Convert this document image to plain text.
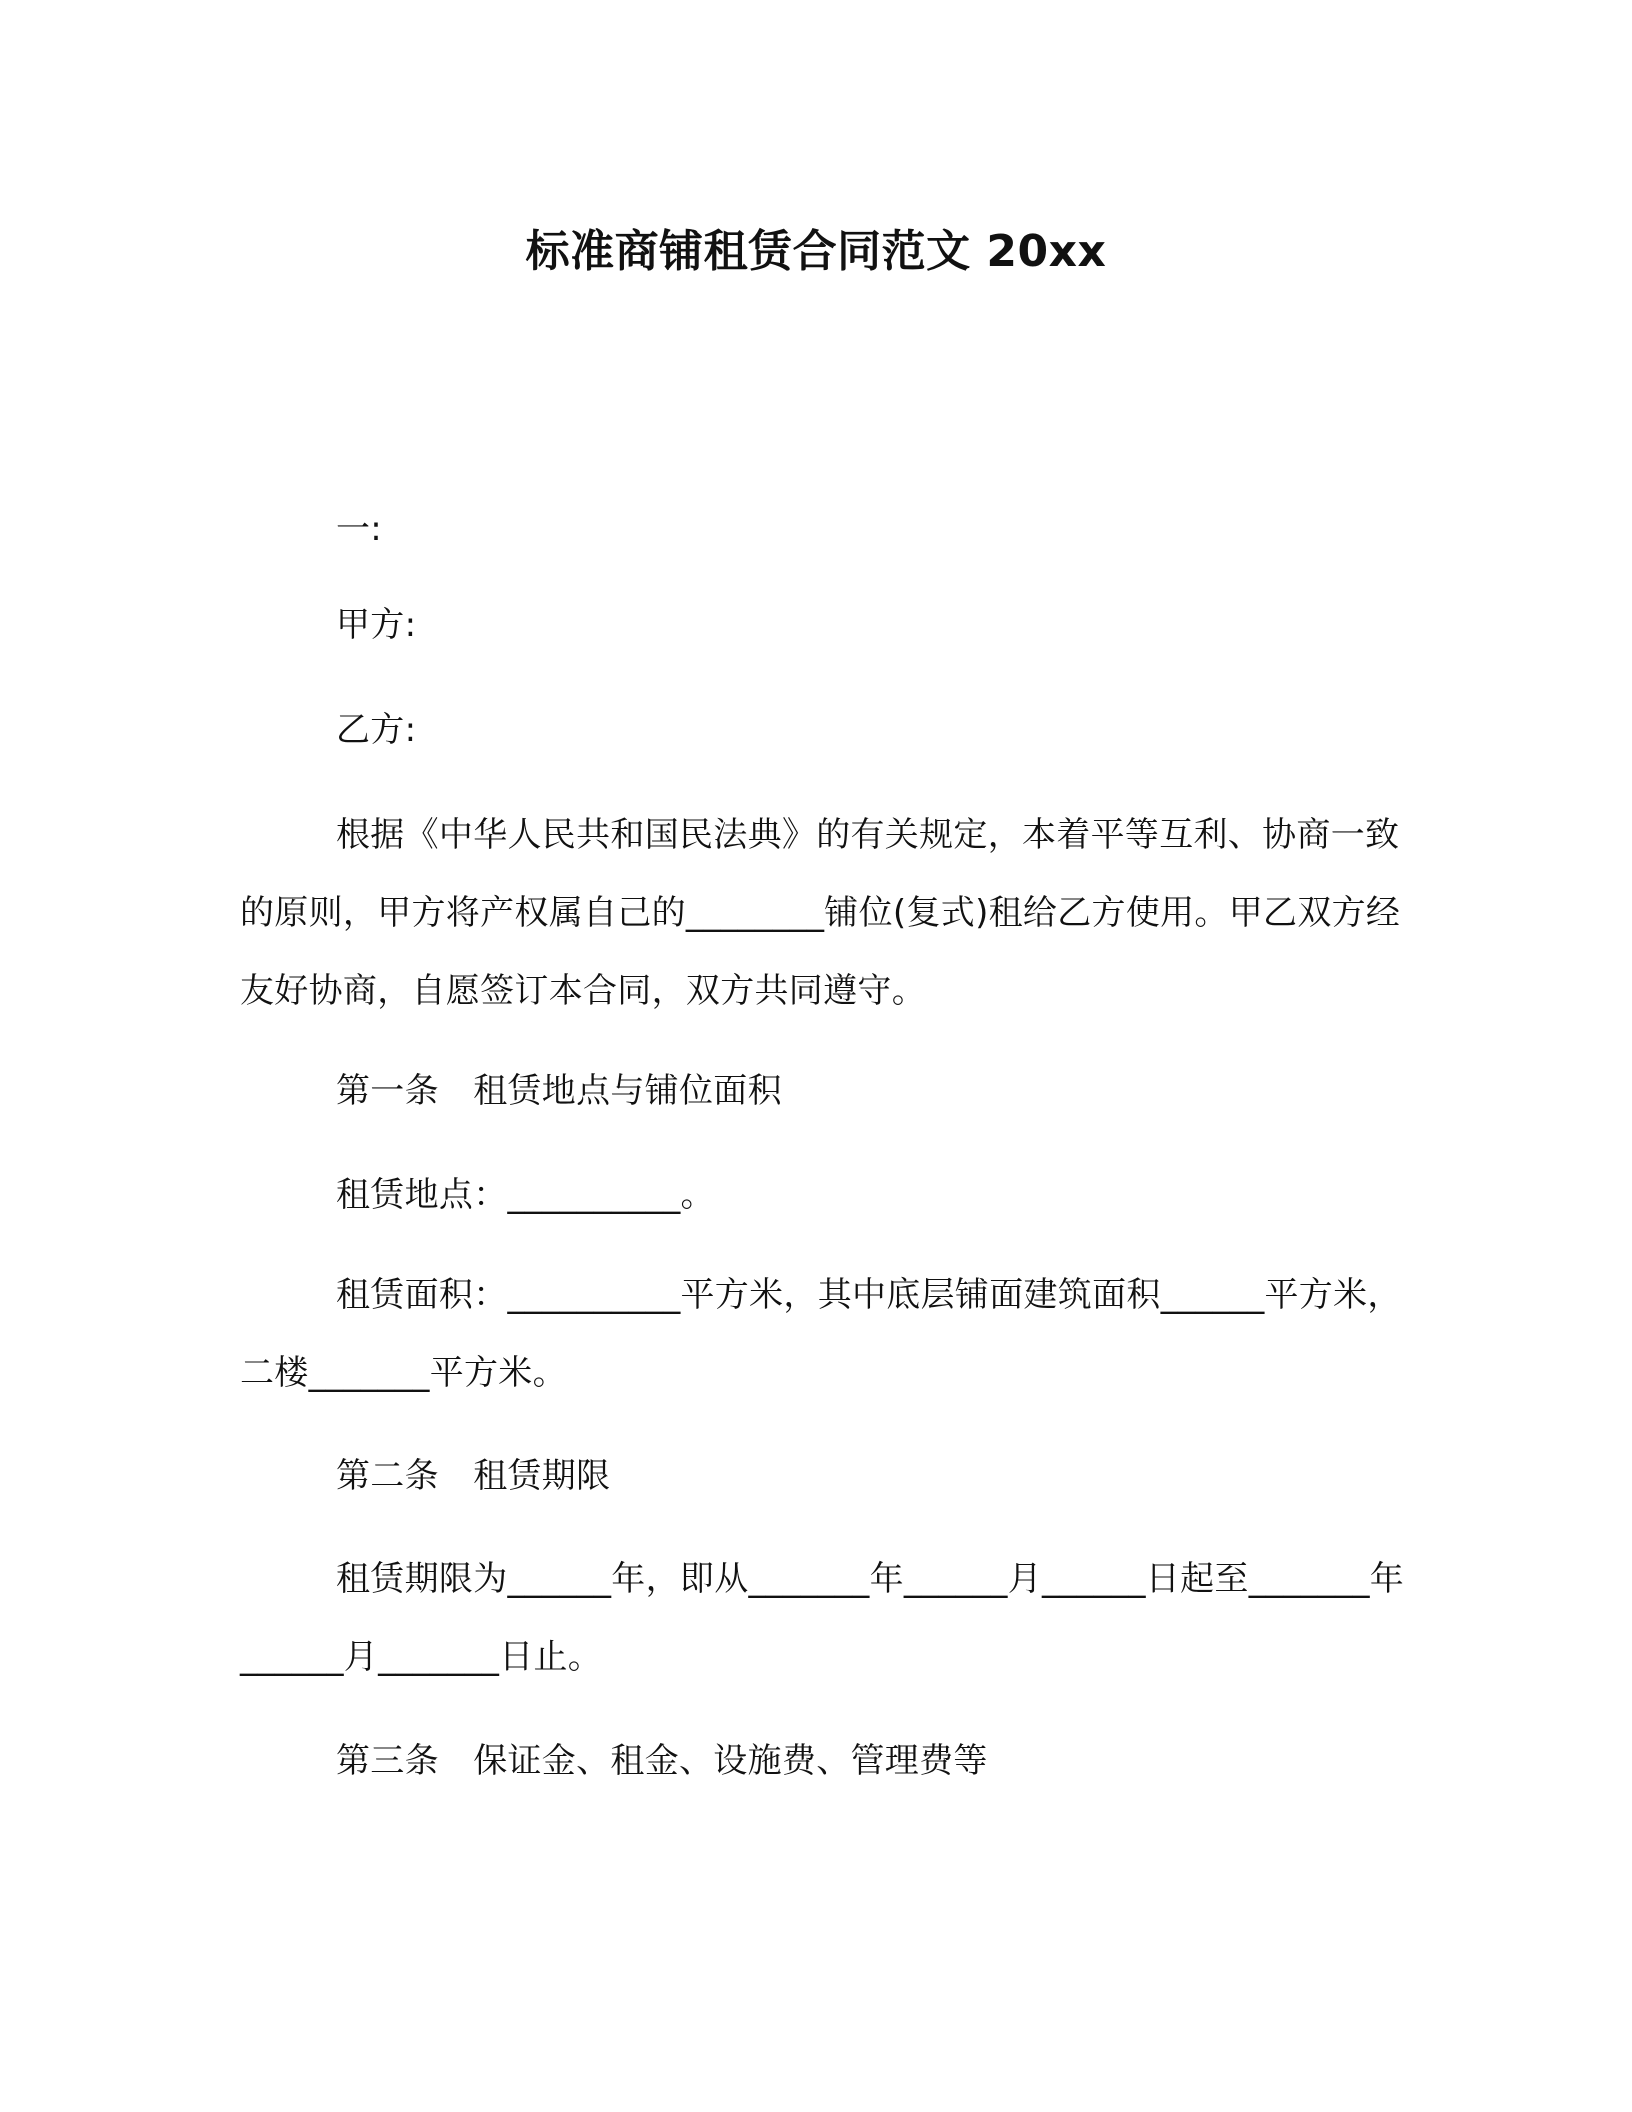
标准商铺租赁合同范文 20xx
一:
甲方:
乙方:
根据《中华人民共和国民法典》的有关规定，本着平等互利、协商一致的原则，甲方将产权属自己的________铺位(复式)租给乙方使用。甲乙双方经友好协商，自愿签订本合同，双方共同遵守。
第一条　租赁地点与铺位面积
租赁地点：__________。
租赁面积：__________平方米，其中底层铺面建筑面积______平方米，二楼_______平方米。
第二条　租赁期限
租赁期限为______年，即从_______年______月______日起至_______年______月_______日止。
第三条　保证金、租金、设施费、管理费等
